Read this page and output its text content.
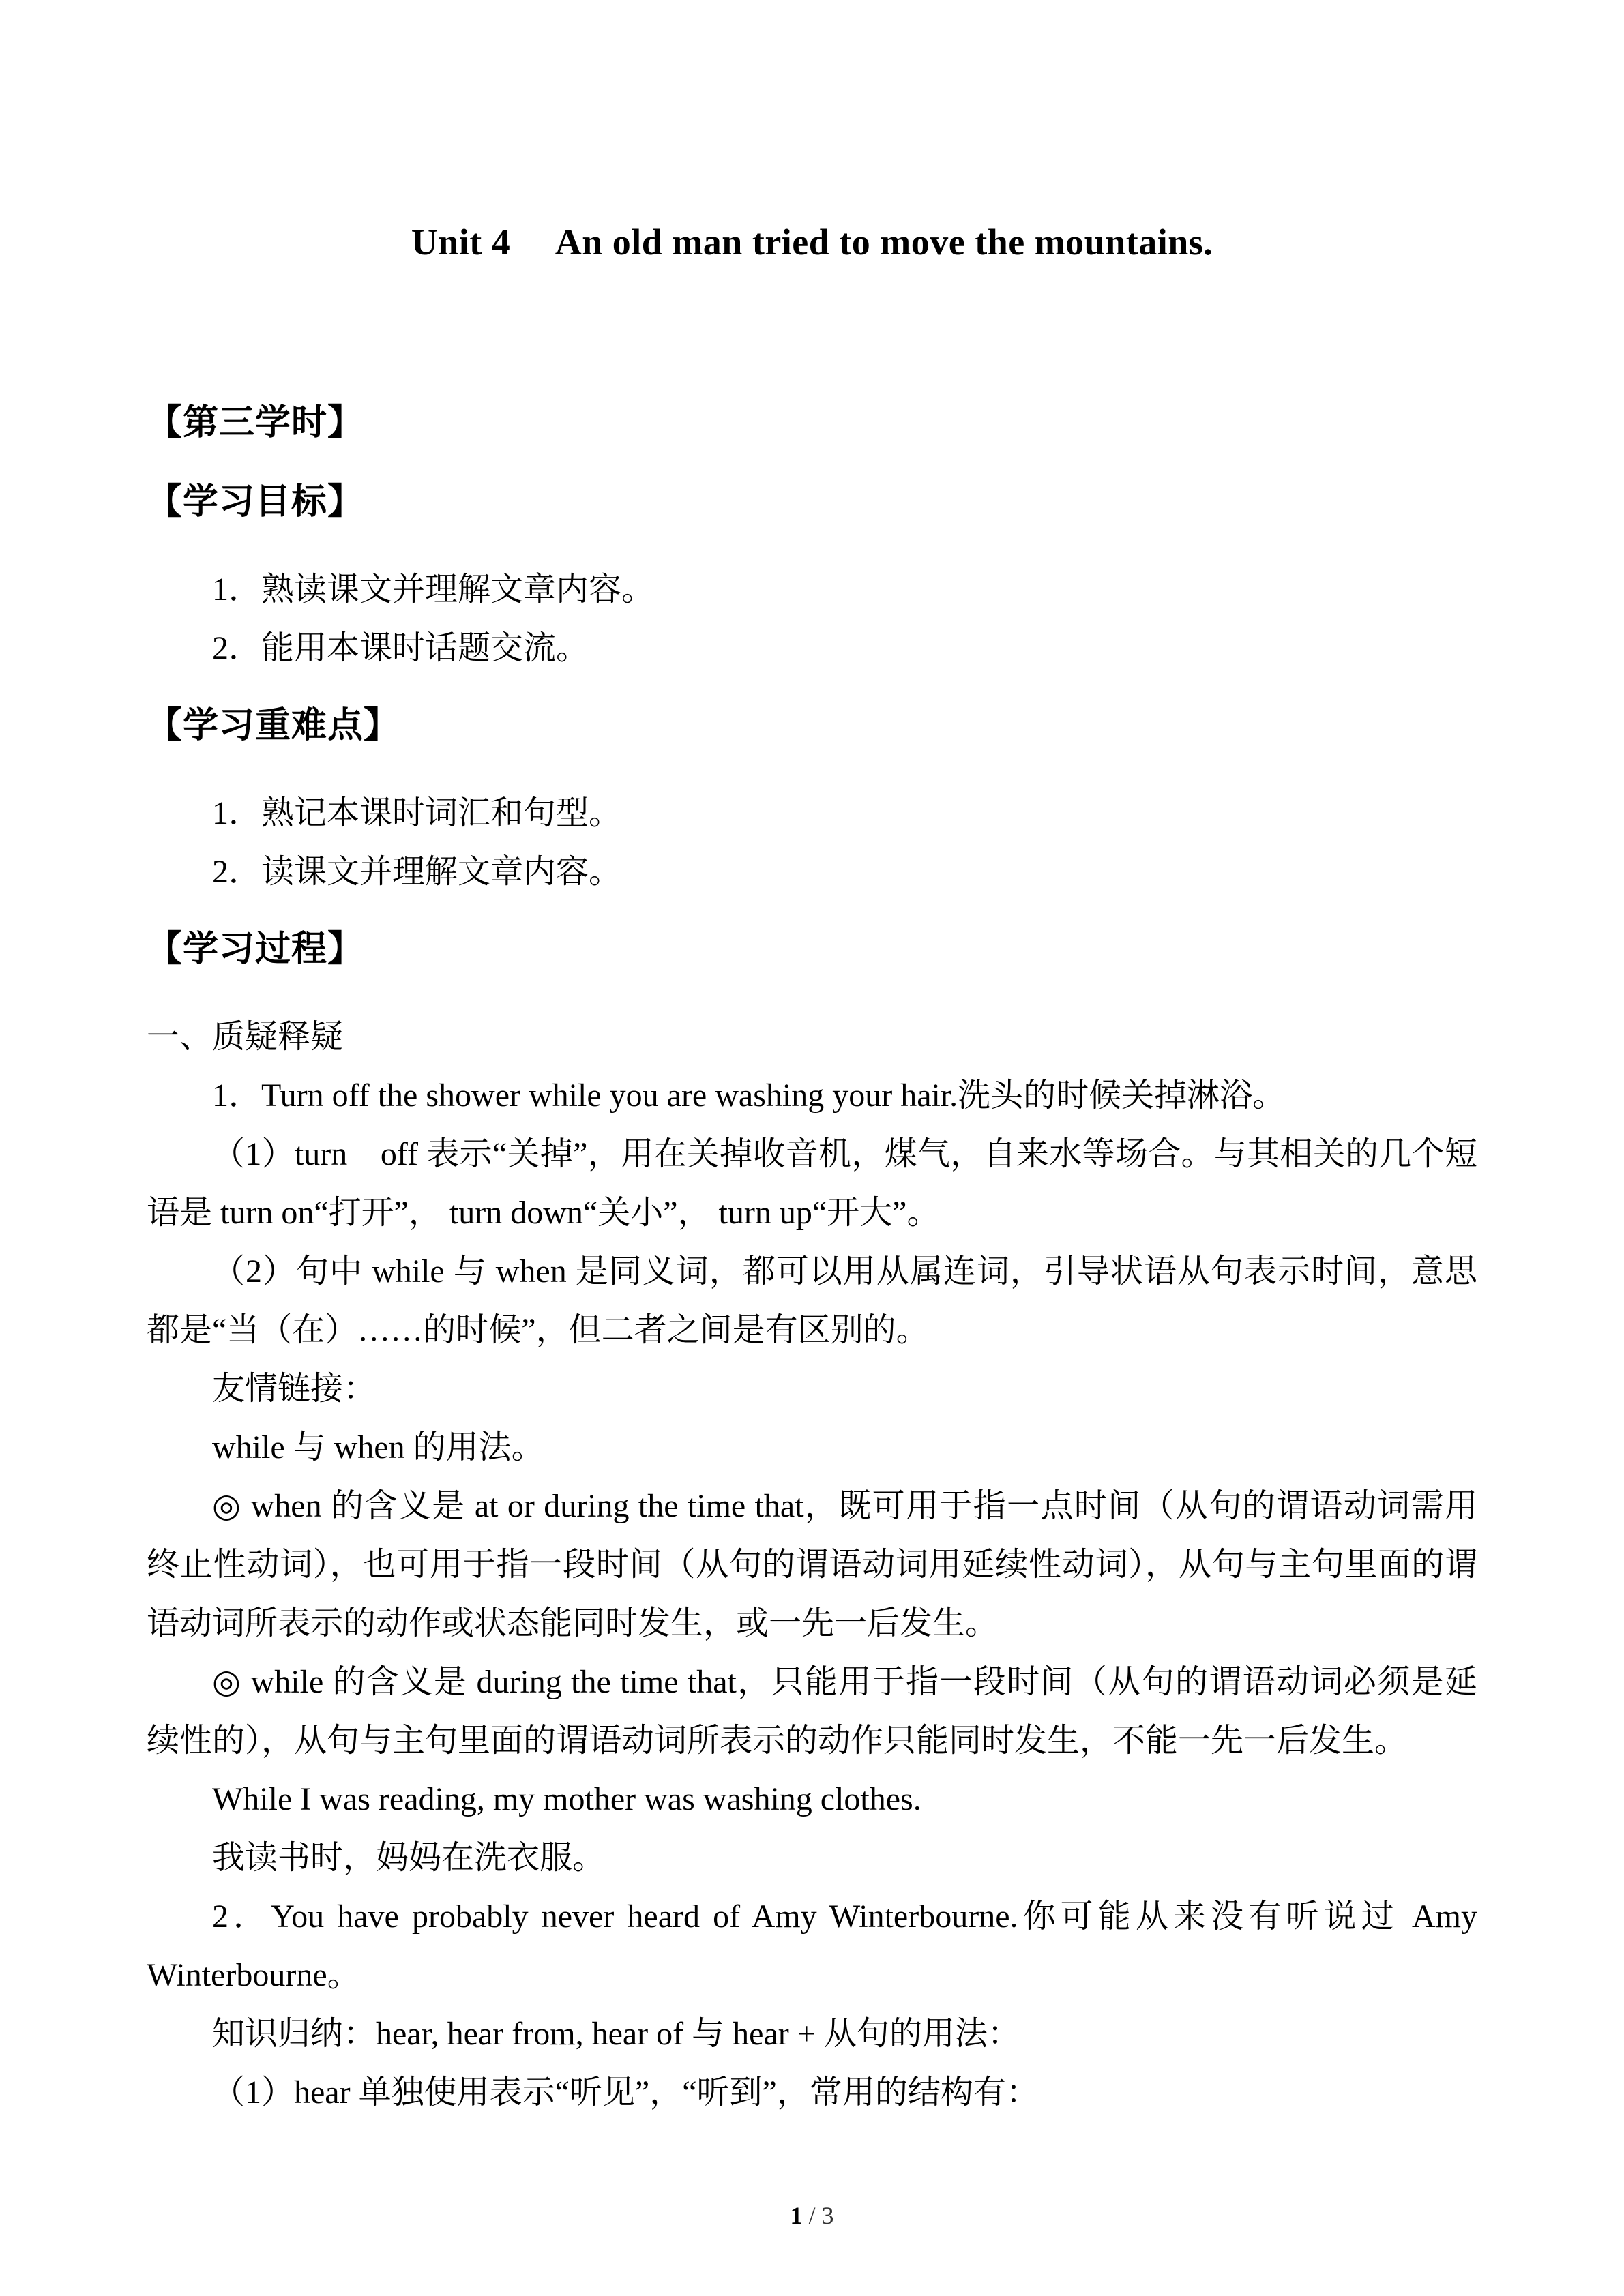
Unit 4　 An old man tried to move the mountains.
【第三学时】
【学习目标】

1．熟读课文并理解文章内容。

2．能用本课时话题交流。

【学习重难点】

1．熟记本课时词汇和句型。

2．读课文并理解文章内容。

【学习过程】

一、质疑释疑

1．Turn off the shower while you are washing your hair.洗头的时候关掉淋浴。

（1）turn　off 表示“关掉”，用在关掉收音机，煤气，自来水等场合。与其相关的几个短语是 turn on“打开”， turn down“关小”， turn up“开大”。

（2）句中 while 与 when 是同义词，都可以用从属连词，引导状语从句表示时间，意思都是“当（在）……的时候”，但二者之间是有区别的。

友情链接：

while 与 when 的用法。

◎ when 的含义是 at or during the time that，既可用于指一点时间（从句的谓语动词需用终止性动词），也可用于指一段时间（从句的谓语动词用延续性动词），从句与主句里面的谓语动词所表示的动作或状态能同时发生，或一先一后发生。

◎ while 的含义是 during the time that，只能用于指一段时间（从句的谓语动词必须是延续性的），从句与主句里面的谓语动词所表示的动作只能同时发生，不能一先一后发生。

While I was reading, my mother was washing clothes.

我读书时，妈妈在洗衣服。

2．You have probably never heard of Amy Winterbourne.你可能从来没有听说过 Amy Winterbourne。

知识归纳：hear, hear from, hear of 与 hear + 从句的用法：

（1）hear 单独使用表示“听见”，“听到”，常用的结构有：

1 / 3
